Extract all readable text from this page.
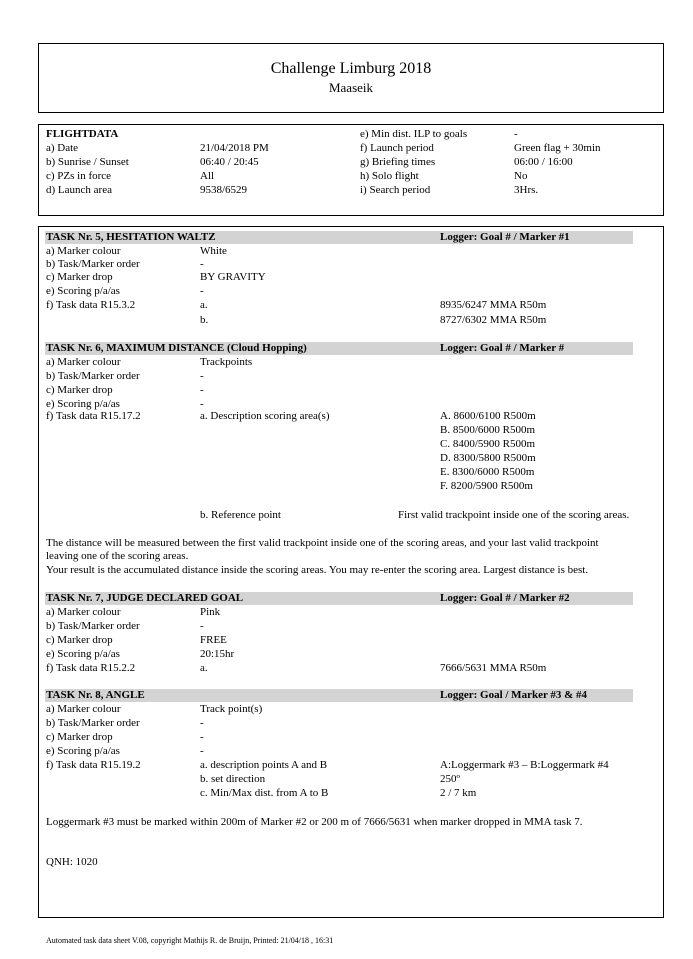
Challenge Limburg 2018
Maaseik
FLIGHTDATA
a) Date	21/04/2018 PM
b) Sunrise / Sunset	06:40 / 20:45
c) PZs in force	All
d) Launch area	9538/6529
e) Min dist. ILP to goals	-
f) Launch period	Green flag + 30min
g) Briefing times	06:00 / 16:00
h) Solo flight	No
i) Search period	3Hrs.
TASK Nr. 5, HESITATION WALTZ	Logger: Goal # / Marker #1
a) Marker colour	White
b) Task/Marker order	-
c) Marker drop	BY GRAVITY
e) Scoring p/a/as	-
f) Task data R15.3.2	a.	8935/6247 MMA R50m
b.	8727/6302 MMA R50m
TASK Nr. 6, MAXIMUM DISTANCE (Cloud Hopping)	Logger: Goal # / Marker #
a) Marker colour	Trackpoints
b) Task/Marker order	-
c) Marker drop	-
e) Scoring p/a/as	-
f) Task data R15.17.2	a. Description scoring area(s)	A. 8600/6100 R500m
B. 8500/6000 R500m
C. 8400/5900 R500m
D. 8300/5800 R500m
E. 8300/6000 R500m
F. 8200/5900 R500m
b. Reference point	First valid trackpoint inside one of the scoring areas.
The distance will be measured between the first valid trackpoint inside one of the scoring areas, and your last valid trackpoint
leaving one of the scoring areas.
Your result is the accumulated distance inside the scoring areas. You may re-enter the scoring area. Largest distance is best.
TASK Nr. 7, JUDGE DECLARED GOAL	Logger: Goal # / Marker #2
a) Marker colour	Pink
b) Task/Marker order	-
c) Marker drop	FREE
e) Scoring p/a/as	20:15hr
f) Task data R15.2.2	a.	7666/5631 MMA R50m
TASK Nr. 8, ANGLE	Logger: Goal / Marker #3 & #4
a) Marker colour	Track point(s)
b) Task/Marker order	-
c) Marker drop	-
e) Scoring p/a/as	-
f) Task data R15.19.2	a. description points A and B	A:Loggermark #3 – B:Loggermark #4
b. set direction	250º
c. Min/Max dist. from A to B	2 / 7 km
Loggermark #3 must be marked within 200m of Marker #2 or 200 m of 7666/5631 when marker dropped in MMA task 7.
QNH: 1020
Automated task data sheet V.08, copyright Mathijs R. de Bruijn, Printed: 21/04/18 , 16:31
